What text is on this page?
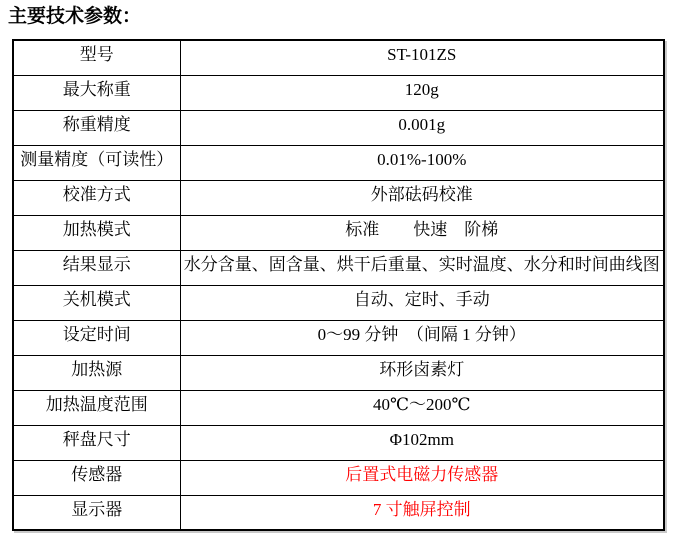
主要技术参数：
型号	ST-101ZS
最大称重	120g
称重精度	0.001g
测量精度（可读性）	0.01%-100%
校准方式	外部砝码校准
加热模式	标准　　快速　阶梯
结果显示	水分含量、固含量、烘干后重量、实时温度、水分和时间曲线图
关机模式	自动、定时、手动
设定时间	0～99 分钟　（间隔 1 分钟）
加热源	环形卤素灯
加热温度范围	40℃～200℃
秤盘尺寸	Φ102mm
传感器	后置式电磁力传感器
显示器	7 寸触屏控制
